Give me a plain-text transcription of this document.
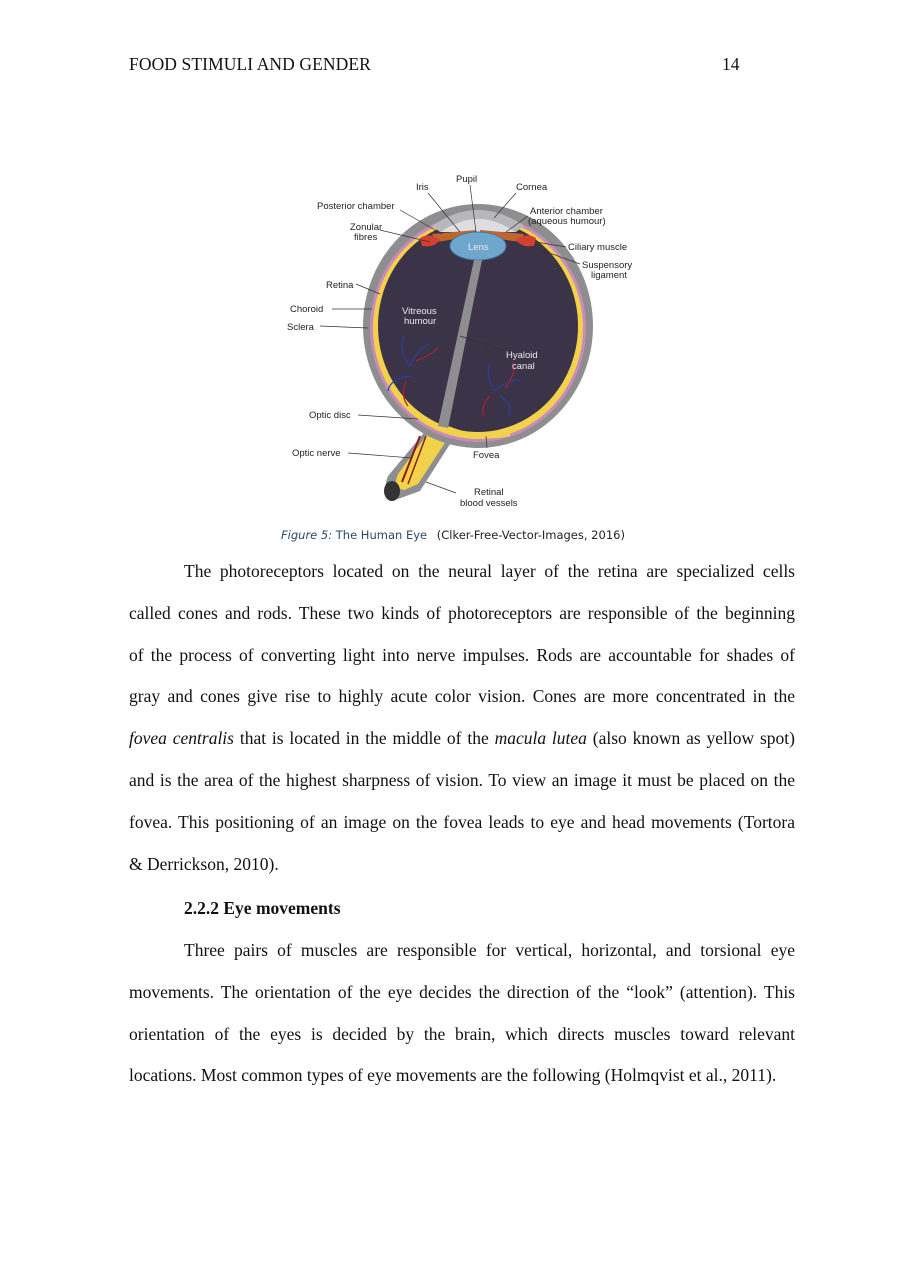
FOOD STIMULI AND GENDER	14
Pupil
Iris	Cornea
Posterior chamber	Anterior chamber
(aqueous humour)
Zonular
fibres
Ciliary muscle
Suspensory
ligament
Retina
Choroid
Sclera
Vitreous
humour
Lens
Hyaloid
canal
Optic disc
Optic nerve	Fovea
Retinal
blood vessels
Figure 5: The Human Eye (Clker-Free-Vector-Images, 2016)
The photoreceptors located on the neural layer of the retina are specialized cells
called cones and rods. These two kinds of photoreceptors are responsible of the beginning
of the process of converting light into nerve impulses. Rods are accountable for shades of
gray and cones give rise to highly acute color vision. Cones are more concentrated in the
fovea centralis that is located in the middle of the macula lutea (also known as yellow spot)
and is the area of the highest sharpness of vision. To view an image it must be placed on the
fovea. This positioning of an image on the fovea leads to eye and head movements (Tortora
& Derrickson, 2010).
2.2.2 Eye movements
Three pairs of muscles are responsible for vertical, horizontal, and torsional eye
movements. The orientation of the eye decides the direction of the “look” (attention). This
orientation of the eyes is decided by the brain, which directs muscles toward relevant
locations. Most common types of eye movements are the following (Holmqvist et al., 2011).
